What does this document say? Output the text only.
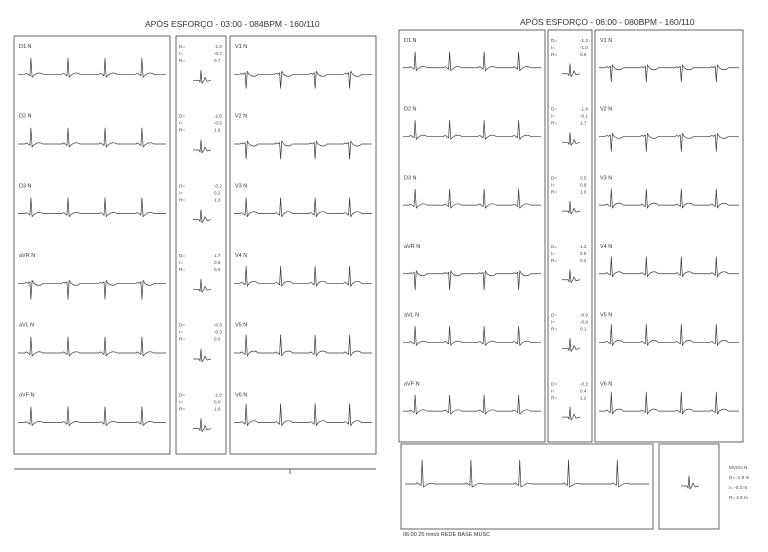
APÓS ESFORÇO - 03:00 - 084BPM - 160/110
D1 N	V1 N
D=	-1.0
I=	-0.7
R=	0.7
D2 N	V2 N
D=	-1.0
I=	-0.5
R=	1.9
D3 N	V3 N
D=	-0.2
I=	0.2
R=	1.3
aVR N	V4 N
D=	1.7
I=	0.6
R=	0.0
aVL N	V5 N
D=	-0.6
I=	-0.3
R=	0.0
aVF N	V6 N
D=	-1.0
I=	0.0
R=	1.6
APÓS ESFORÇO - 06:00 - 080BPM - 160/110
D1 N	V1 N
D=	-1.3
I=	-1.0
R=	0.6
D2 N	V2 N
D=	-1.9
I=	-0.1
R=	1.7
D3 N	V3 N
D=	0.5
I=	0.9
R=	1.0
aVR N	V4 N
D=	1.3
I=	0.5
R=	0.2
aVL N	V5 N
D=	-0.9
I=	-0.9
R=	0.1
aVF N	V6 N
D=	-0.2
I=	0.4
R=	1.2
MVSm N
D= -1.8 m
I= -0.3 m
R= 2.6 m
06:00 25 mm/s REDE BASE MUSC
